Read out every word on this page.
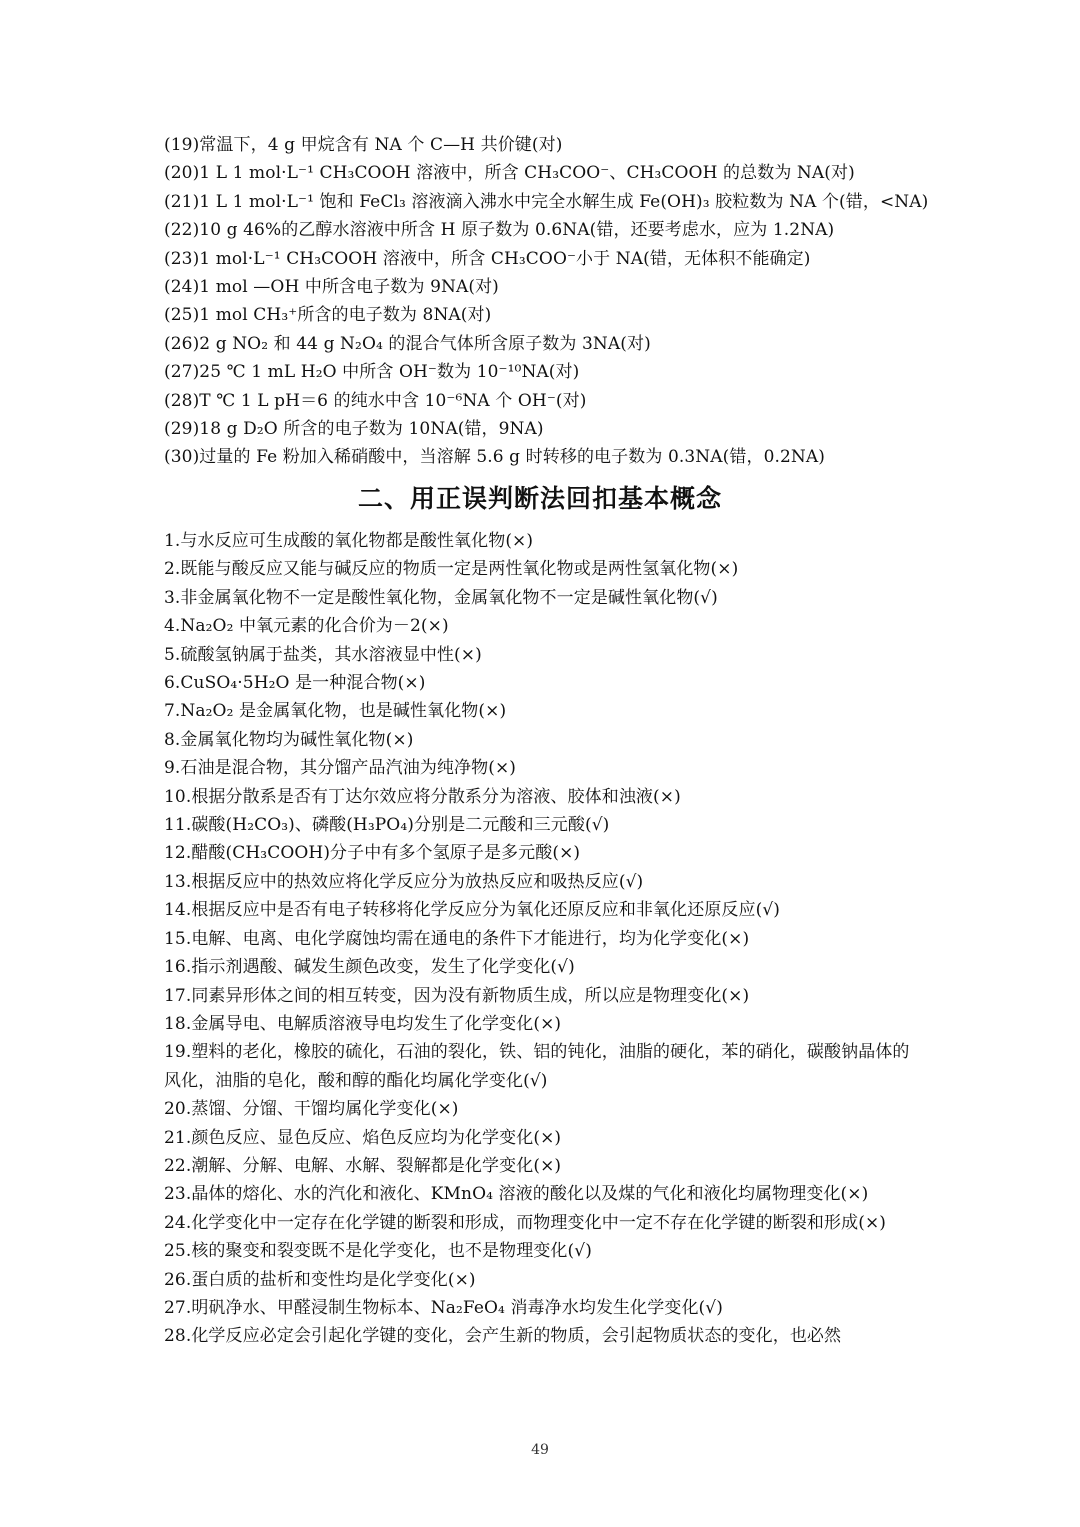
(19)常温下，4 g 甲烷含有 NA 个 C—H 共价键(对)
(20)1 L 1 mol·L⁻¹ CH₃COOH 溶液中，所含 CH₃COO⁻、CH₃COOH 的总数为 NA(对)
(21)1 L 1 mol·L⁻¹ 饱和 FeCl₃ 溶液滴入沸水中完全水解生成 Fe(OH)₃ 胶粒数为 NA 个(错，<NA)
(22)10 g 46%的乙醇水溶液中所含 H 原子数为 0.6NA(错，还要考虑水，应为 1.2NA)
(23)1 mol·L⁻¹ CH₃COOH 溶液中，所含 CH₃COO⁻小于 NA(错，无体积不能确定)
(24)1 mol —OH 中所含电子数为 9NA(对)
(25)1 mol CH₃⁺所含的电子数为 8NA(对)
(26)2 g NO₂ 和 44 g N₂O₄ 的混合气体所含原子数为 3NA(对)
(27)25 ℃ 1 mL H₂O 中所含 OH⁻数为 10⁻¹⁰NA(对)
(28)T ℃ 1 L pH＝6 的纯水中含 10⁻⁶NA 个 OH⁻(对)
(29)18 g D₂O 所含的电子数为 10NA(错，9NA)
(30)过量的 Fe 粉加入稀硝酸中，当溶解 5.6 g 时转移的电子数为 0.3NA(错，0.2NA)
二、用正误判断法回扣基本概念
1.与水反应可生成酸的氧化物都是酸性氧化物(×)
2.既能与酸反应又能与碱反应的物质一定是两性氧化物或是两性氢氧化物(×)
3.非金属氧化物不一定是酸性氧化物，金属氧化物不一定是碱性氧化物(√)
4.Na₂O₂ 中氧元素的化合价为－2(×)
5.硫酸氢钠属于盐类，其水溶液显中性(×)
6.CuSO₄·5H₂O 是一种混合物(×)
7.Na₂O₂ 是金属氧化物，也是碱性氧化物(×)
8.金属氧化物均为碱性氧化物(×)
9.石油是混合物，其分馏产品汽油为纯净物(×)
10.根据分散系是否有丁达尔效应将分散系分为溶液、胶体和浊液(×)
11.碳酸(H₂CO₃)、磷酸(H₃PO₄)分别是二元酸和三元酸(√)
12.醋酸(CH₃COOH)分子中有多个氢原子是多元酸(×)
13.根据反应中的热效应将化学反应分为放热反应和吸热反应(√)
14.根据反应中是否有电子转移将化学反应分为氧化还原反应和非氧化还原反应(√)
15.电解、电离、电化学腐蚀均需在通电的条件下才能进行，均为化学变化(×)
16.指示剂遇酸、碱发生颜色改变，发生了化学变化(√)
17.同素异形体之间的相互转变，因为没有新物质生成，所以应是物理变化(×)
18.金属导电、电解质溶液导电均发生了化学变化(×)
19.塑料的老化，橡胶的硫化，石油的裂化，铁、铝的钝化，油脂的硬化，苯的硝化，碳酸钠晶体的风化，油脂的皂化，酸和醇的酯化均属化学变化(√)
20.蒸馏、分馏、干馏均属化学变化(×)
21.颜色反应、显色反应、焰色反应均为化学变化(×)
22.潮解、分解、电解、水解、裂解都是化学变化(×)
23.晶体的熔化、水的汽化和液化、KMnO₄ 溶液的酸化以及煤的气化和液化均属物理变化(×)
24.化学变化中一定存在化学键的断裂和形成，而物理变化中一定不存在化学键的断裂和形成(×)
25.核的聚变和裂变既不是化学变化，也不是物理变化(√)
26.蛋白质的盐析和变性均是化学变化(×)
27.明矾净水、甲醛浸制生物标本、Na₂FeO₄ 消毒净水均发生化学变化(√)
28.化学反应必定会引起化学键的变化，会产生新的物质，会引起物质状态的变化，也必然
49
